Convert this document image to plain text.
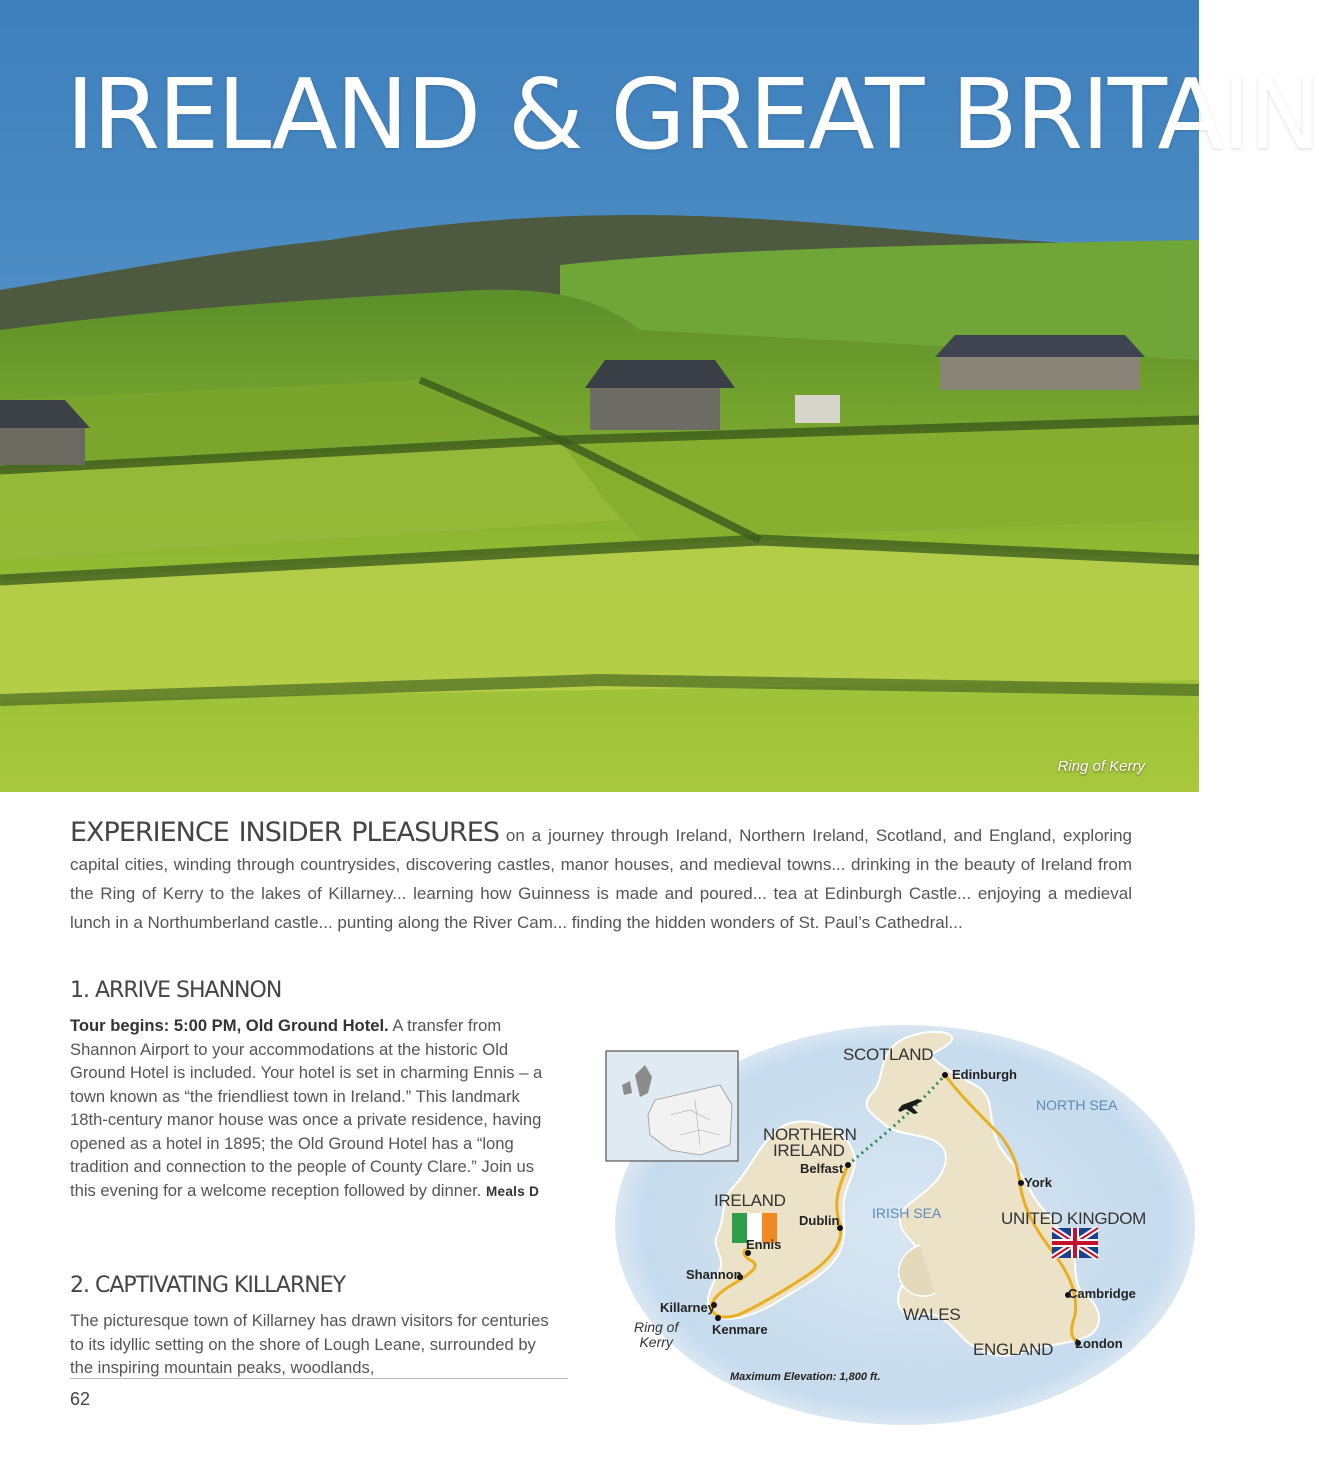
IRELAND & GREAT BRITAIN
Ring of Kerry

EXPERIENCE INSIDER PLEASURES on a journey through Ireland, Northern Ireland, Scotland, and England, exploring capital cities, winding through countrysides, discovering castles, manor houses, and medieval towns... drinking in the beauty of Ireland from the Ring of Kerry to the lakes of Killarney... learning how Guinness is made and poured... tea at Edinburgh Castle... enjoying a medieval lunch in a Northumberland castle... punting along the River Cam... finding the hidden wonders of St. Paul’s Cathedral...

1. ARRIVE SHANNON

Tour begins: 5:00 PM, Old Ground Hotel. A transfer from Shannon Airport to your accommodations at the historic Old Ground Hotel is included. Your hotel is set in charming Ennis – a town known as “the friendliest town in Ireland.” This landmark 18th-century manor house was once a private residence, having opened as a hotel in 1895; the Old Ground Hotel has a “long tradition and connection to the people of County Clare.” Join us this evening for a welcome reception followed by dinner. Meals D

2. CAPTIVATING KILLARNEY

The picturesque town of Killarney has drawn visitors for centuries to its idyllic setting on the shore of Lough Leane, surrounded by the inspiring mountain peaks, woodlands,

62
SCOTLAND
NORTHERN
IRELAND
IRELAND
UNITED KINGDOM
WALES
ENGLAND
NORTH SEA
IRISH SEA
Edinburgh
Belfast
York
Dublin
Ennis
Shannon
Killarney
Kenmare
Cambridge
London
Ring of
Kerry
Maximum Elevation: 1,800 ft.
